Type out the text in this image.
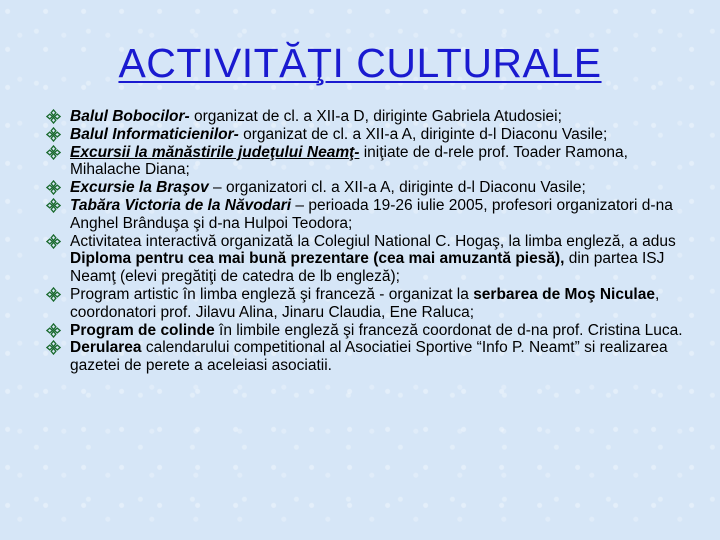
ACTIVITĂŢI CULTURALE
Balul Bobocilor- organizat de cl. a XII-a D, diriginte Gabriela Atudosiei;
Balul Informaticienilor- organizat de cl. a XII-a A, diriginte d-l Diaconu Vasile;
Excursii la mănăstirile judeţului Neamţ- iniţiate de d-rele prof. Toader Ramona, Mihalache Diana;
Excursie la Braşov – organizatori cl. a XII-a A, diriginte d-l Diaconu Vasile;
Tabăra Victoria de la Năvodari – perioada 19-26 iulie 2005, profesori organizatori d-na Anghel Brânduşa şi d-na Hulpoi Teodora;
Activitatea interactivă organizată la Colegiul National C. Hogaş, la limba engleză, a adus Diploma pentru cea mai bună prezentare (cea mai amuzantă piesă), din partea ISJ Neamţ (elevi pregătiţi de catedra de lb engleză);
Program artistic în limba engleză şi franceză - organizat la serbarea de Moş Niculae, coordonatori prof. Jilavu Alina, Jinaru Claudia, Ene Raluca;
Program de colinde în limbile engleză şi franceză coordonat de d-na prof. Cristina Luca.
Derularea calendarului competitional al Asociatiei Sportive “Info P. Neamt” si realizarea gazetei de perete a aceleiasi asociatii.
